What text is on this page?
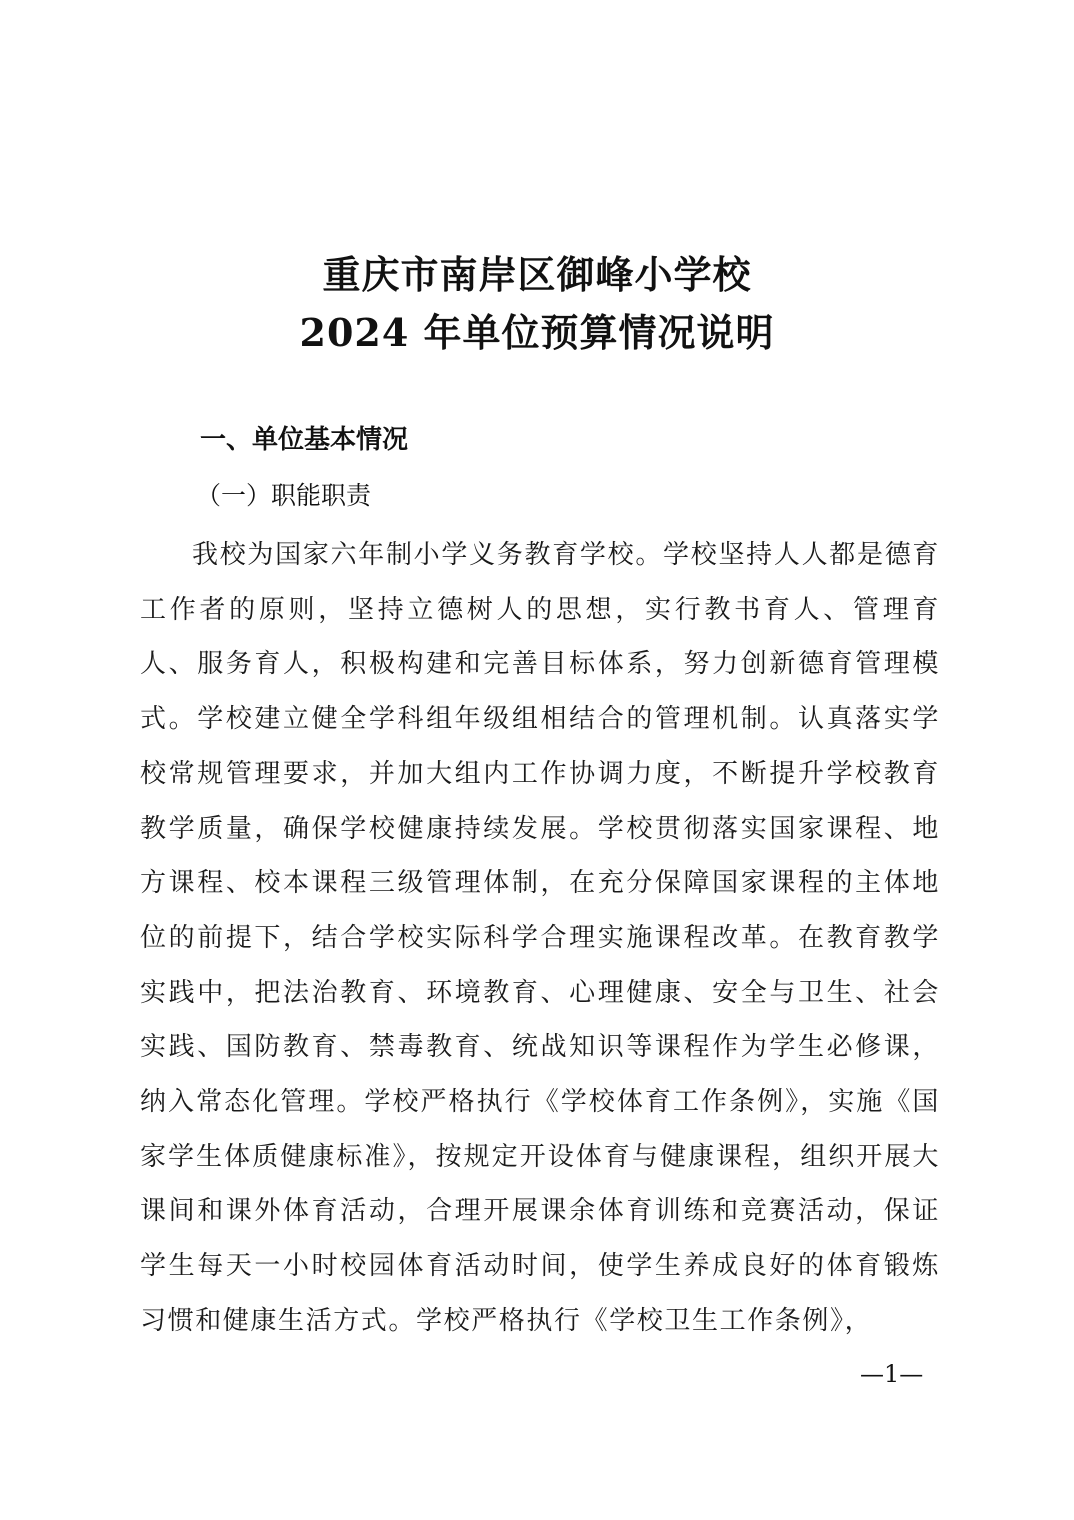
重庆市南岸区御峰小学校
2024 年单位预算情况说明
一、单位基本情况
（一）职能职责

我校为国家六年制小学义务教育学校。学校坚持人人都是德育工作者的原则，坚持立德树人的思想，实行教书育人、管理育人、服务育人，积极构建和完善目标体系，努力创新德育管理模式。学校建立健全学科组年级组相结合的管理机制。认真落实学校常规管理要求，并加大组内工作协调力度，不断提升学校教育教学质量，确保学校健康持续发展。学校贯彻落实国家课程、地方课程、校本课程三级管理体制，在充分保障国家课程的主体地位的前提下，结合学校实际科学合理实施课程改革。在教育教学实践中，把法治教育、环境教育、心理健康、安全与卫生、社会实践、国防教育、禁毒教育、统战知识等课程作为学生必修课，纳入常态化管理。学校严格执行《学校体育工作条例》，实施《国家学生体质健康标准》，按规定开设体育与健康课程，组织开展大课间和课外体育活动，合理开展课余体育训练和竞赛活动，保证学生每天一小时校园体育活动时间，使学生养成良好的体育锻炼习惯和健康生活方式。学校严格执行《学校卫生工作条例》，

—1—
